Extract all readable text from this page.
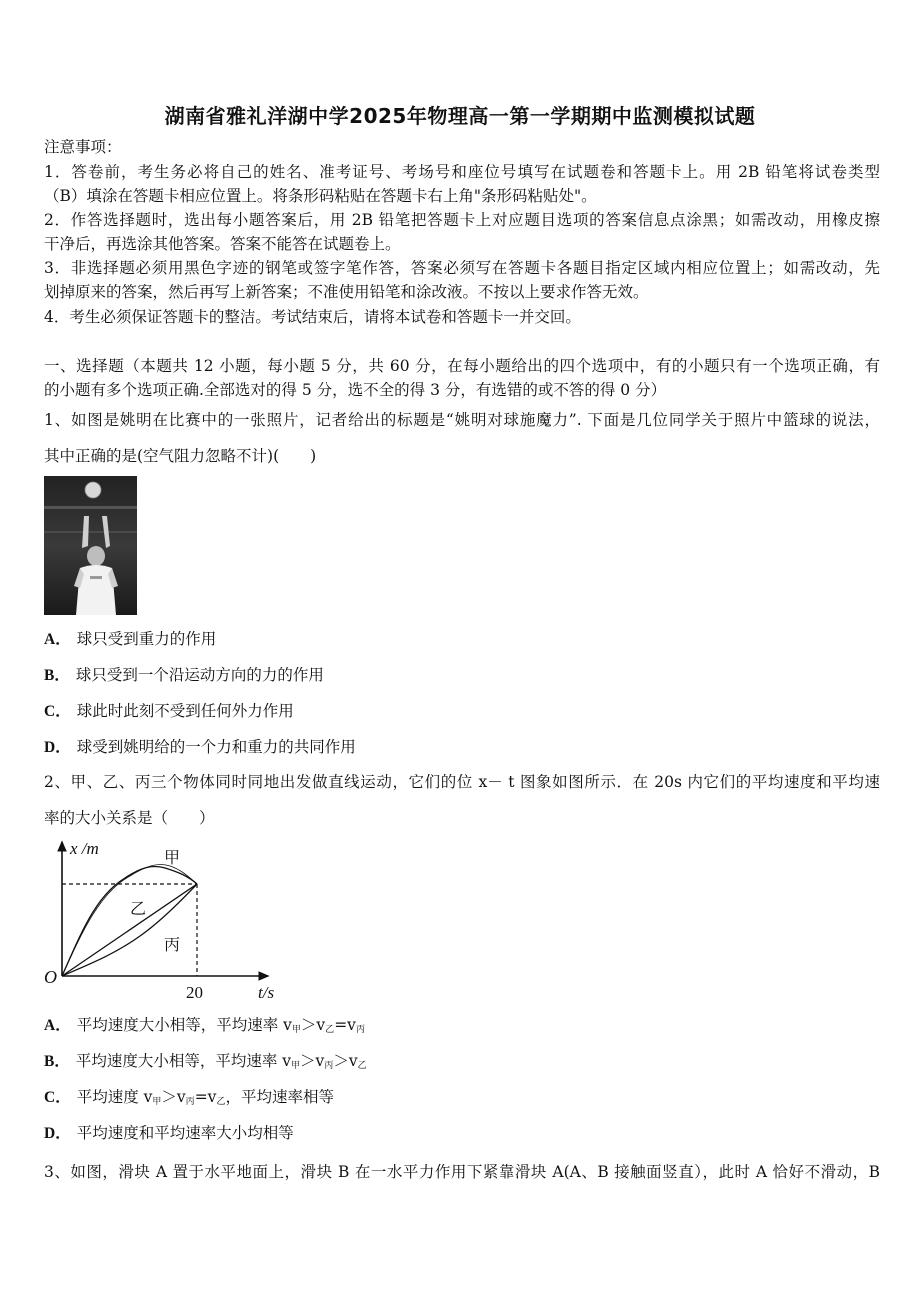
湖南省雅礼洋湖中学2025年物理高一第一学期期中监测模拟试题
注意事项：
1．答卷前，考生务必将自己的姓名、准考证号、考场号和座位号填写在试题卷和答题卡上。用 2B 铅笔将试卷类型
（B）填涂在答题卡相应位置上。将条形码粘贴在答题卡右上角"条形码粘贴处"。
2．作答选择题时，选出每小题答案后，用 2B 铅笔把答题卡上对应题目选项的答案信息点涂黑；如需改动，用橡皮擦
干净后，再选涂其他答案。答案不能答在试题卷上。
3．非选择题必须用黑色字迹的钢笔或签字笔作答，答案必须写在答题卡各题目指定区域内相应位置上；如需改动，先
划掉原来的答案，然后再写上新答案；不准使用铅笔和涂改液。不按以上要求作答无效。
4．考生必须保证答题卡的整洁。考试结束后，请将本试卷和答题卡一并交回。
一、选择题（本题共 12 小题，每小题 5 分，共 60 分，在每小题给出的四个选项中，有的小题只有一个选项正确，有
的小题有多个选项正确.全部选对的得 5 分，选不全的得 3 分，有选错的或不答的得 0 分）
1、如图是姚明在比赛中的一张照片，记者给出的标题是“姚明对球施魔力”. 下面是几位同学关于照片中篮球的说法，
其中正确的是(空气阻力忽略不计)(　　)
A． 球只受到重力的作用
B． 球只受到一个沿运动方向的力的作用
C． 球此时此刻不受到任何外力作用
D． 球受到姚明给的一个力和重力的共同作用
2、甲、乙、丙三个物体同时同地出发做直线运动，它们的位 x－ t 图象如图所示．在 20s 内它们的平均速度和平均速
率的大小关系是（　　）
x /m
t/s
O
20
甲
乙
丙
A． 平均速度大小相等，平均速率 $v_甲>v_乙=v_丙$
B． 平均速度大小相等，平均速率 $v_甲>v_丙>v_乙$
C． 平均速度 $v_甲>v_丙=v_乙$，平均速率相等
D． 平均速度和平均速率大小均相等
3、如图，滑块 A 置于水平地面上，滑块 B 在一水平力作用下紧靠滑块 A(A、B 接触面竖直），此时 A 恰好不滑动，B
